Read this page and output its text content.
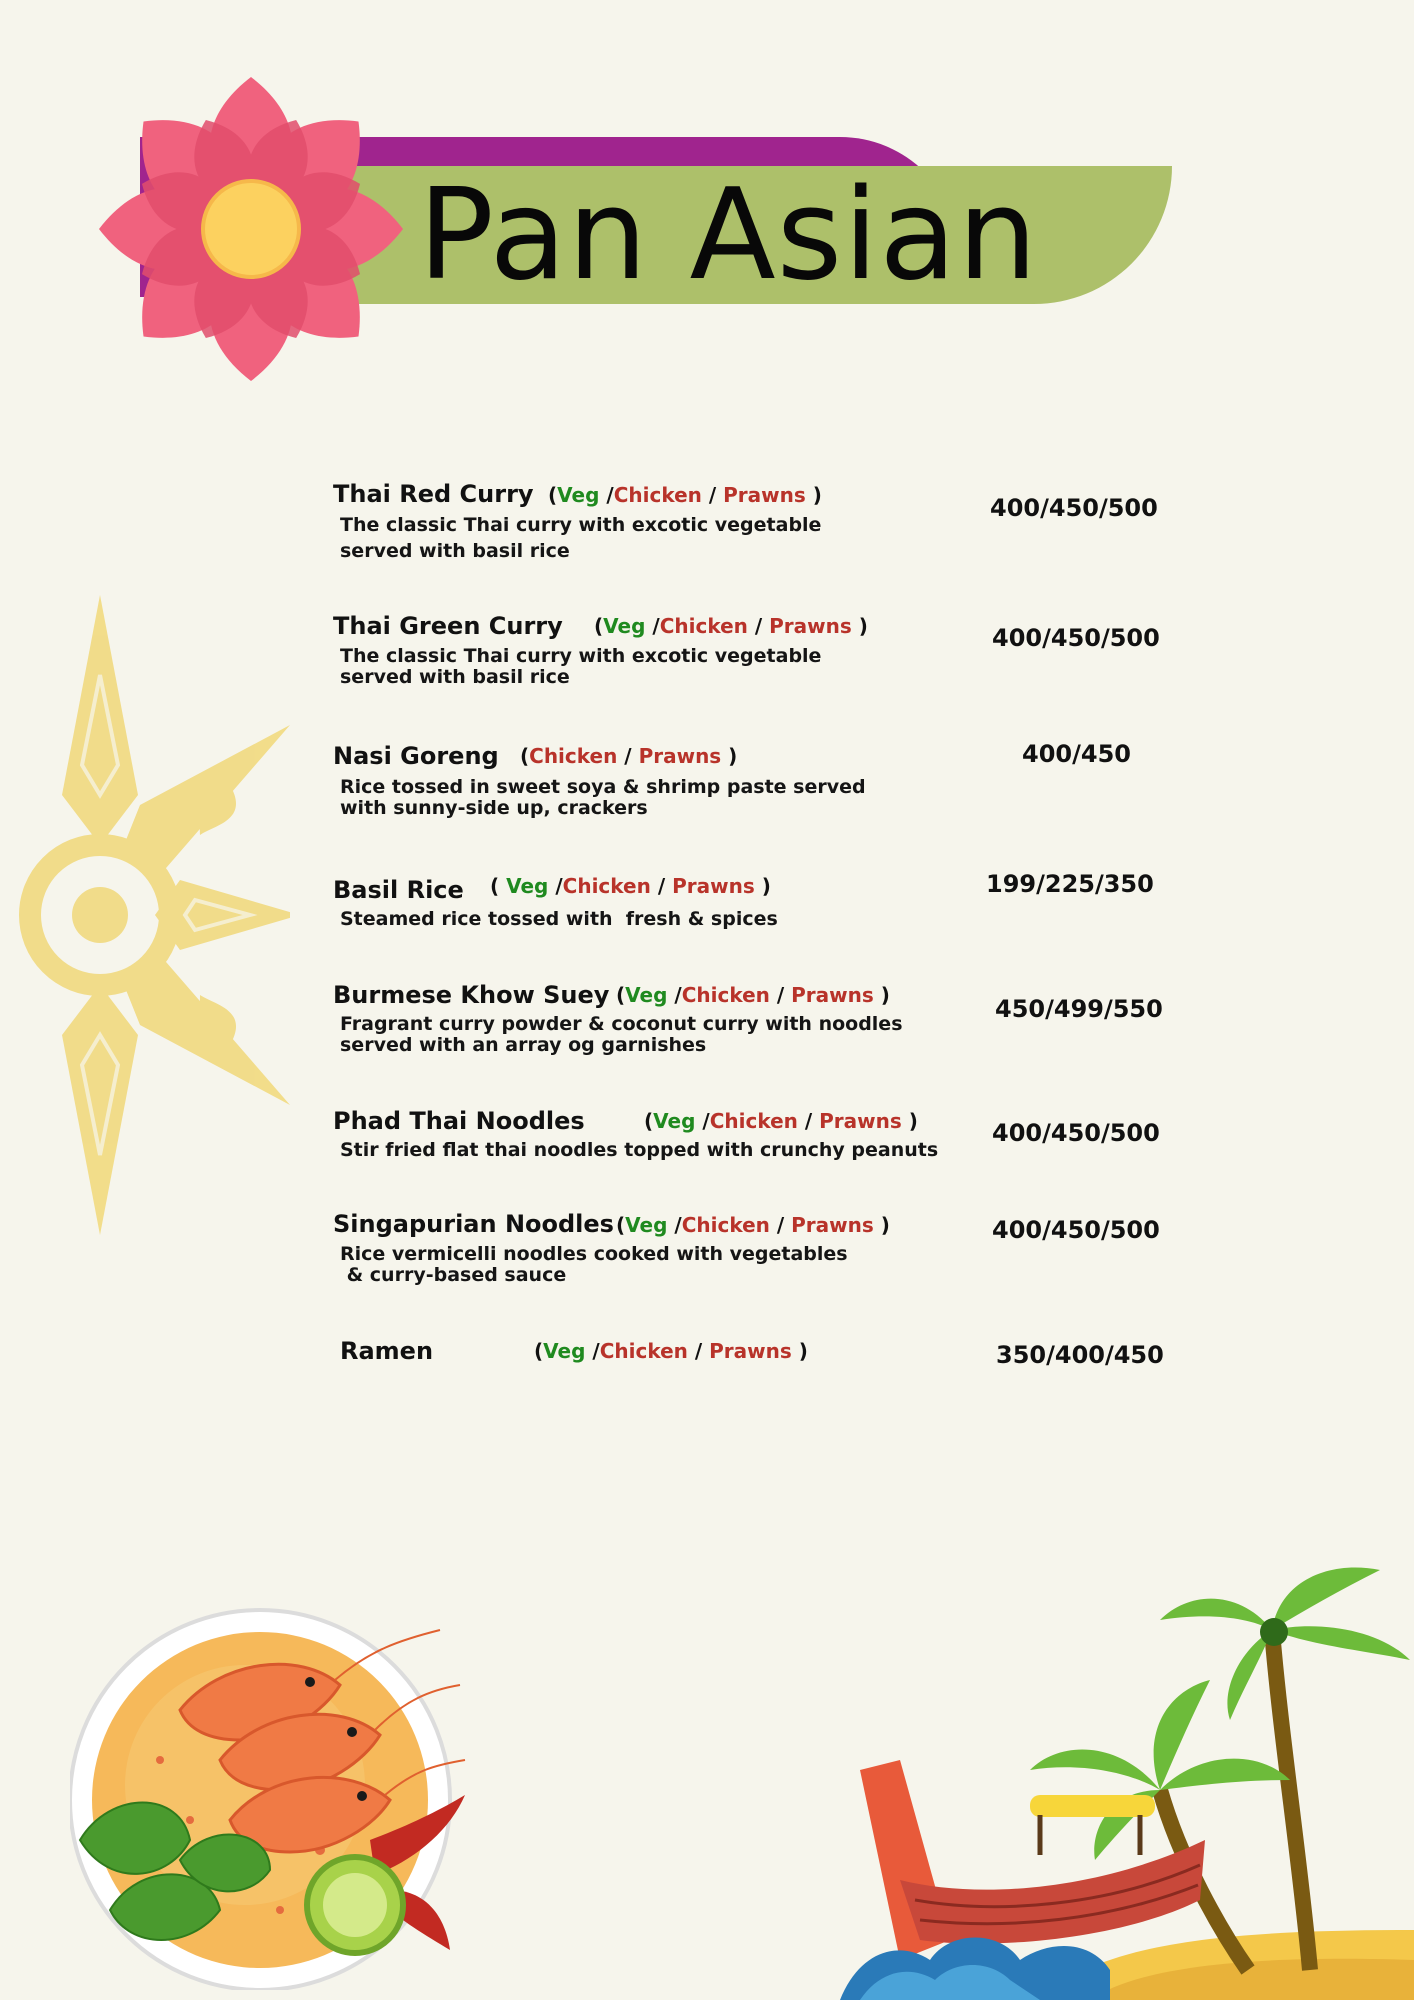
Pan Asian
Thai Red Curry (Veg /Chicken / Prawns )
The classic Thai curry with excotic vegetable
served with basil rice
400/450/500
Thai Green Curry (Veg /Chicken / Prawns )
The classic Thai curry with excotic vegetable
served with basil rice
400/450/500
Nasi Goreng (Chicken / Prawns )
Rice tossed in sweet soya & shrimp paste served
with sunny-side up, crackers
400/450
Basil Rice ( Veg /Chicken / Prawns )
Steamed rice tossed with  fresh & spices
199/225/350
Burmese Khow Suey (Veg /Chicken / Prawns )
Fragrant curry powder & coconut curry with noodles
served with an array og garnishes
450/499/550
Phad Thai Noodles	(Veg /Chicken / Prawns )
Stir fried flat thai noodles topped with crunchy peanuts
400/450/500
Singapurian Noodles (Veg /Chicken / Prawns )
Rice vermicelli noodles cooked with vegetables
& curry-based sauce
400/450/500
Ramen	(Veg /Chicken / Prawns )	350/400/450
